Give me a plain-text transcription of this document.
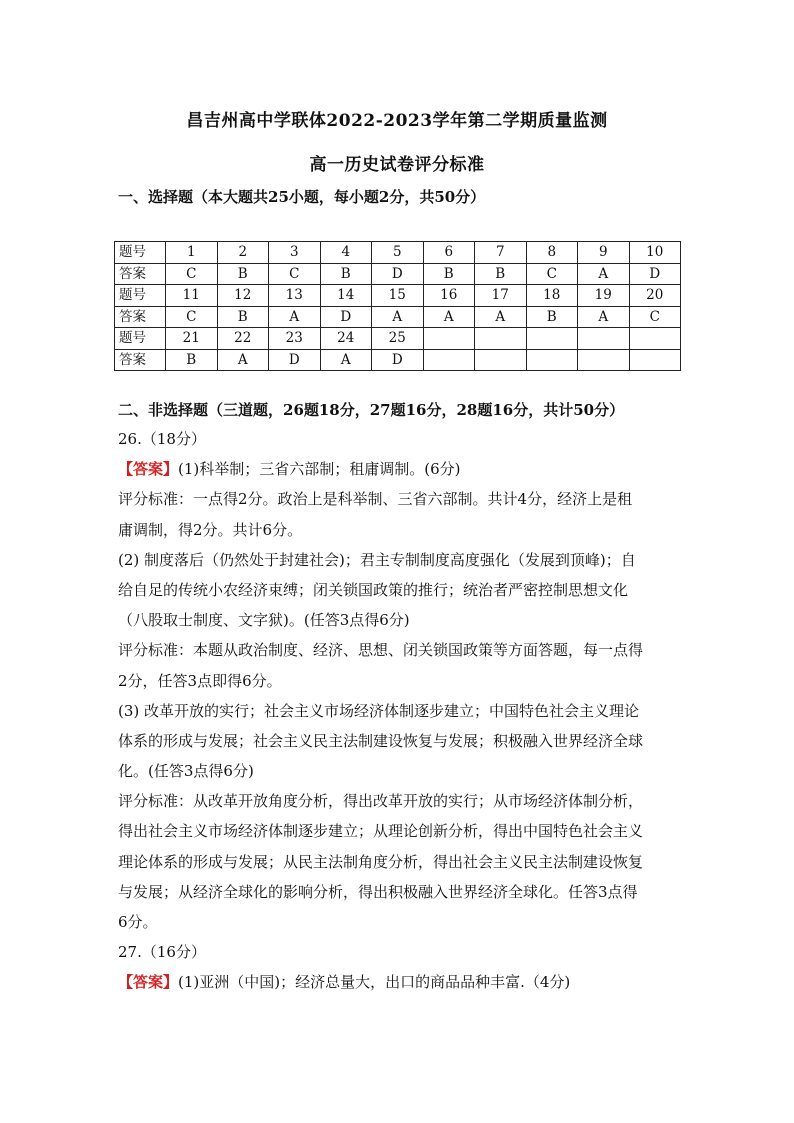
昌吉州高中学联体2022-2023学年第二学期质量监测
高一历史试卷评分标准
一、选择题（本大题共25小题，每小题2分，共50分）
题号	1	2	3	4	5	6	7	8	9	10
答案	C	B	C	B	D	B	B	C	A	D
题号	11	12	13	14	15	16	17	18	19	20
答案	C	B	A	D	A	A	A	B	A	C
题号	21	22	23	24	25					
答案	B	A	D	A	D					
二、非选择题（三道题，26题18分，27题16分，28题16分，共计50分）
26.（18分）
【答案】(1)科举制；三省六部制；租庸调制。(6分)
评分标准：一点得2分。政治上是科举制、三省六部制。共计4分，经济上是租
庸调制，得2分。共计6分。
(2) 制度落后（仍然处于封建社会)；君主专制制度高度强化（发展到顶峰)；自
给自足的传统小农经济束缚；闭关锁国政策的推行；统治者严密控制思想文化
（八股取士制度、文字狱)。(任答3点得6分)
评分标准：本题从政治制度、经济、思想、闭关锁国政策等方面答题，每一点得
2分，任答3点即得6分。
(3) 改革开放的实行；社会主义市场经济体制逐步建立；中国特色社会主义理论
体系的形成与发展；社会主义民主法制建设恢复与发展；积极融入世界经济全球
化。(任答3点得6分)
评分标准：从改革开放角度分析，得出改革开放的实行；从市场经济体制分析，
得出社会主义市场经济体制逐步建立；从理论创新分析，得出中国特色社会主义
理论体系的形成与发展；从民主法制角度分析，得出社会主义民主法制建设恢复
与发展；从经济全球化的影响分析，得出积极融入世界经济全球化。任答3点得
6分。
27.（16分）
【答案】(1)亚洲（中国)；经济总量大，出口的商品品种丰富.（4分)
